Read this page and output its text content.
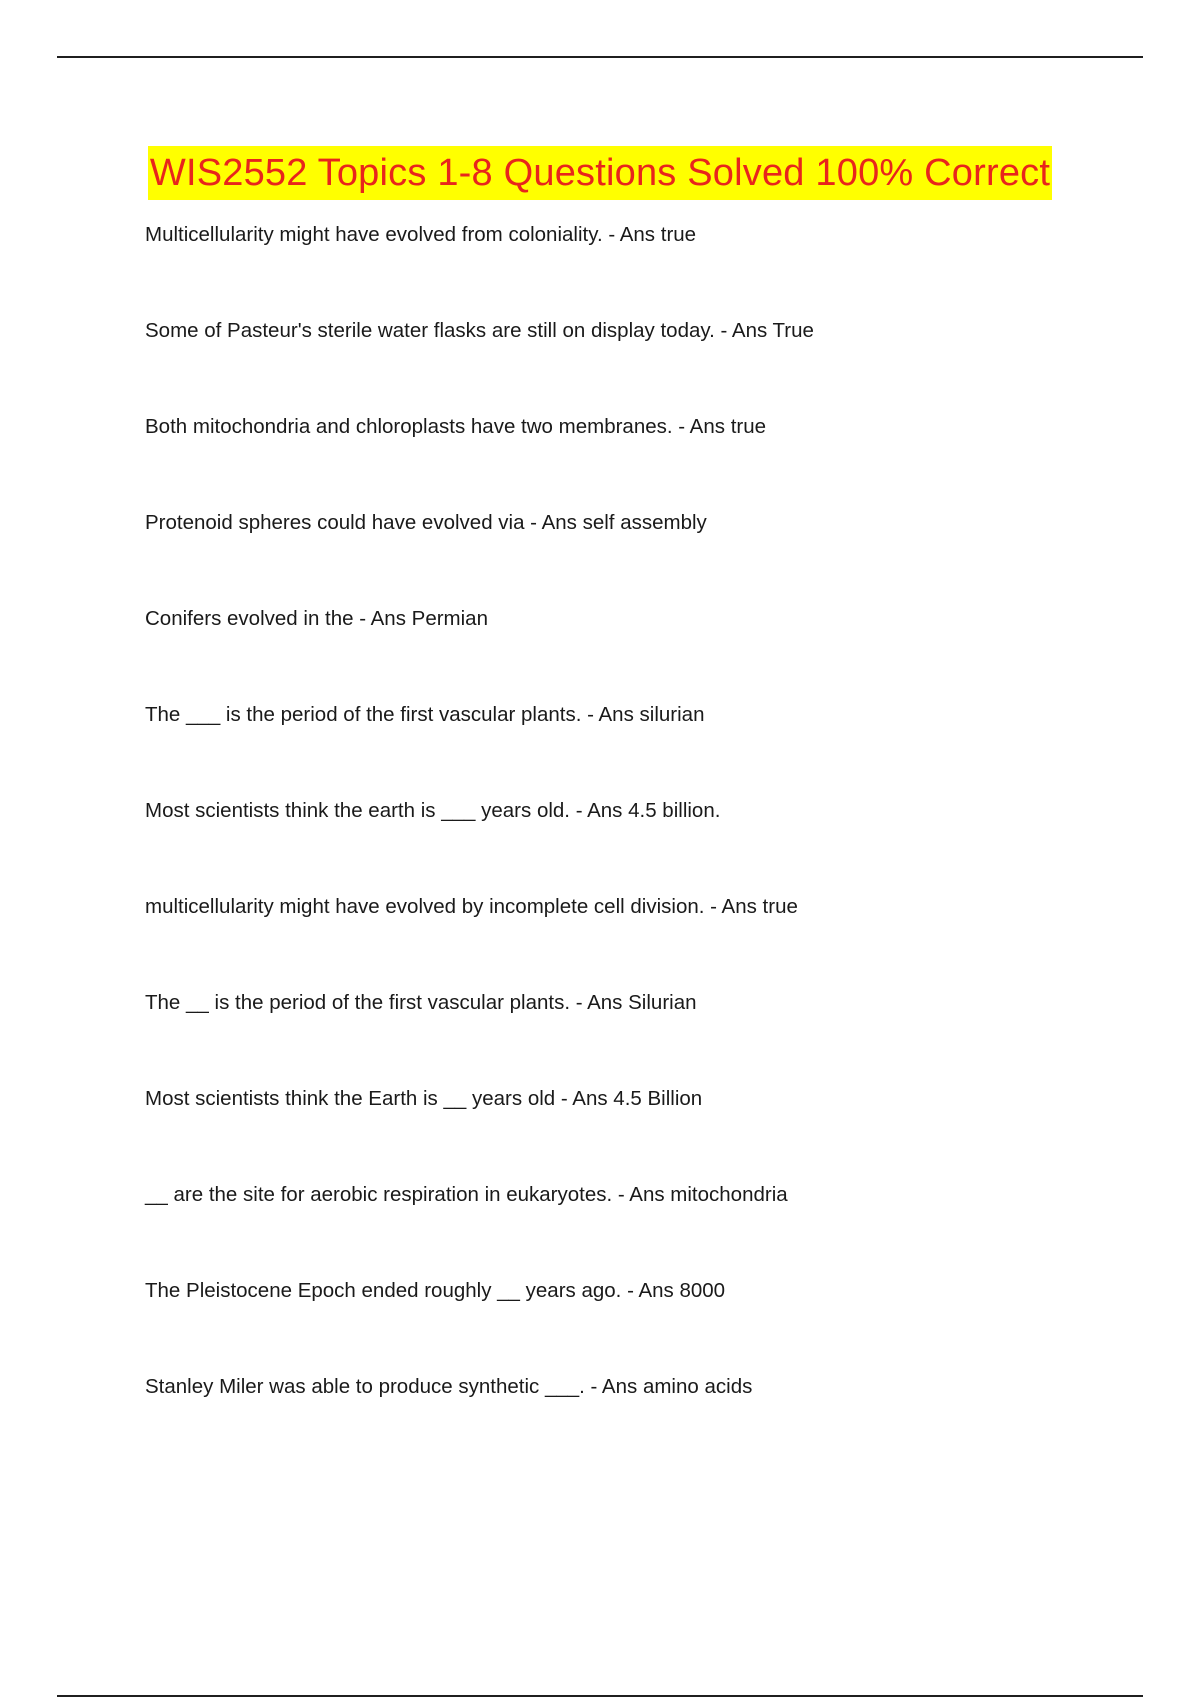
WIS2552 Topics 1-8 Questions Solved 100% Correct
Multicellularity might have evolved from coloniality. - Ans true
Some of Pasteur's sterile water flasks are still on display today. - Ans True
Both mitochondria and chloroplasts have two membranes. - Ans true
Protenoid spheres could have evolved via - Ans self assembly
Conifers evolved in the - Ans Permian
The ___ is the period of the first vascular plants. - Ans silurian
Most scientists think the earth is ___ years old. - Ans 4.5 billion.
multicellularity might have evolved by incomplete cell division. - Ans true
The __ is the period of the first vascular plants. - Ans Silurian
Most scientists think the Earth is __ years old - Ans 4.5 Billion
__ are the site for aerobic respiration in eukaryotes. - Ans mitochondria
The Pleistocene Epoch ended roughly __ years ago. - Ans 8000
Stanley Miler was able to produce synthetic ___. - Ans amino acids
